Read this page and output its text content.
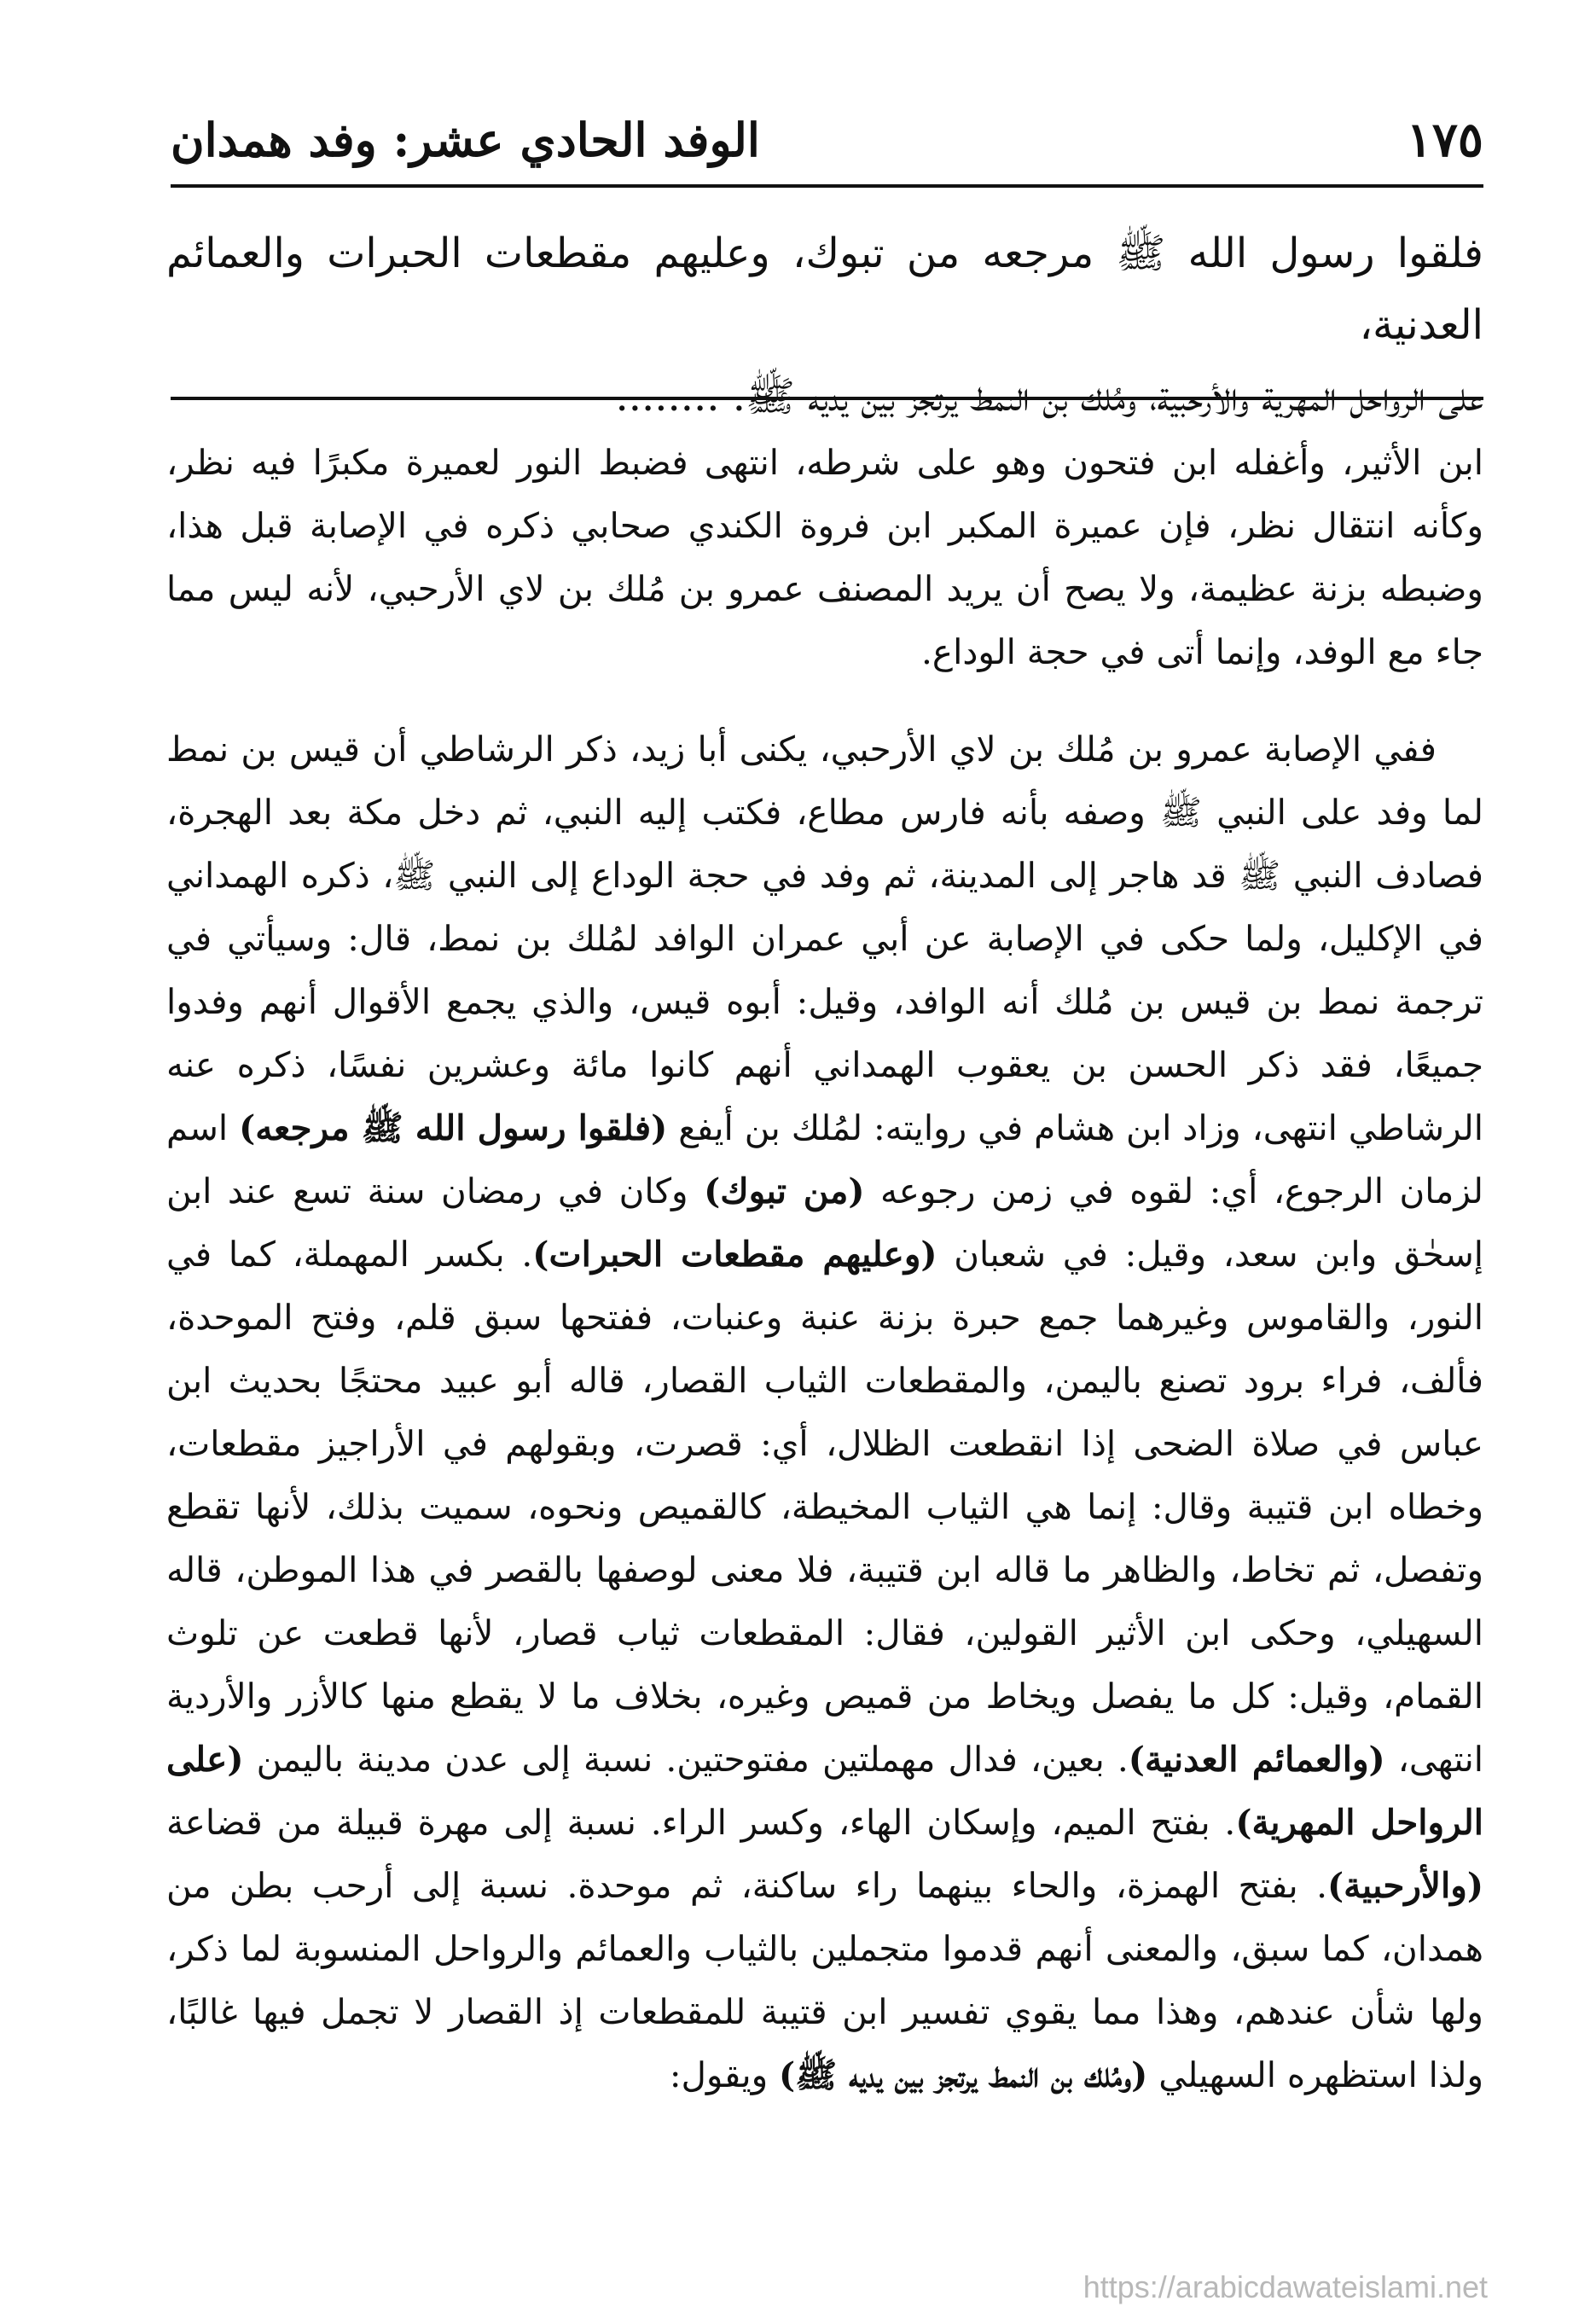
الوفد الحادي عشر: وفد همدان	١٧٥

فلقوا رسول الله ﷺ مرجعه من تبوك، وعليهم مقطعات الحبرات والعمائم العدنية،

على الرواحل المهرية والأرحبية، ومُلك بن النمط يرتجز بين يديه ﷺ. ........

ابن الأثير، وأغفله ابن فتحون وهو على شرطه، انتهى فضبط النور لعميرة مكبرًا فيه نظر، وكأنه انتقال نظر، فإن عميرة المكبر ابن فروة الكندي صحابي ذكره في الإصابة قبل هذا، وضبطه بزنة عظيمة، ولا يصح أن يريد المصنف عمرو بن مُلك بن لاي الأرحبي، لأنه ليس مما جاء مع الوفد، وإنما أتى في حجة الوداع.

ففي الإصابة عمرو بن مُلك بن لاي الأرحبي، يكنى أبا زيد، ذكر الرشاطي أن قيس بن نمط لما وفد على النبي ﷺ وصفه بأنه فارس مطاع، فكتب إليه النبي، ثم دخل مكة بعد الهجرة، فصادف النبي ﷺ قد هاجر إلى المدينة، ثم وفد في حجة الوداع إلى النبي ﷺ، ذكره الهمداني في الإكليل، ولما حكى في الإصابة عن أبي عمران الوافد لمُلك بن نمط، قال: وسيأتي في ترجمة نمط بن قيس بن مُلك أنه الوافد، وقيل: أبوه قيس، والذي يجمع الأقوال أنهم وفدوا جميعًا، فقد ذكر الحسن بن يعقوب الهمداني أنهم كانوا مائة وعشرين نفسًا، ذكره عنه الرشاطي انتهى، وزاد ابن هشام في روايته: لمُلك بن أيفع (فلقوا رسول الله ﷺ مرجعه) اسم لزمان الرجوع، أي: لقوه في زمن رجوعه (من تبوك) وكان في رمضان سنة تسع عند ابن إسحٰق وابن سعد، وقيل: في شعبان (وعليهم مقطعات الحبرات). بكسر المهملة، كما في النور، والقاموس وغيرهما جمع حبرة بزنة عنبة وعنبات، ففتحها سبق قلم، وفتح الموحدة، فألف، فراء برود تصنع باليمن، والمقطعات الثياب القصار، قاله أبو عبيد محتجًا بحديث ابن عباس في صلاة الضحى إذا انقطعت الظلال، أي: قصرت، وبقولهم في الأراجيز مقطعات، وخطاه ابن قتيبة وقال: إنما هي الثياب المخيطة، كالقميص ونحوه، سميت بذلك، لأنها تقطع وتفصل، ثم تخاط، والظاهر ما قاله ابن قتيبة، فلا معنى لوصفها بالقصر في هذا الموطن، قاله السهيلي، وحكى ابن الأثير القولين، فقال: المقطعات ثياب قصار، لأنها قطعت عن تلوث القمام، وقيل: كل ما يفصل ويخاط من قميص وغيره، بخلاف ما لا يقطع منها كالأزر والأردية انتهى، (والعمائم العدنية). بعين، فدال مهملتين مفتوحتين. نسبة إلى عدن مدينة باليمن (على الرواحل المهرية). بفتح الميم، وإسكان الهاء، وكسر الراء. نسبة إلى مهرة قبيلة من قضاعة (والأرحبية). بفتح الهمزة، والحاء بينهما راء ساكنة، ثم موحدة. نسبة إلى أرحب بطن من همدان، كما سبق، والمعنى أنهم قدموا متجملين بالثياب والعمائم والرواحل المنسوبة لما ذكر، ولها شأن عندهم، وهذا مما يقوي تفسير ابن قتيبة للمقطعات إذ القصار لا تجمل فيها غالبًا، ولذا استظهره السهيلي (ومُلك بن النمط يرتجز بين يديه ﷺ) ويقول:

https://arabicdawateislami.net
